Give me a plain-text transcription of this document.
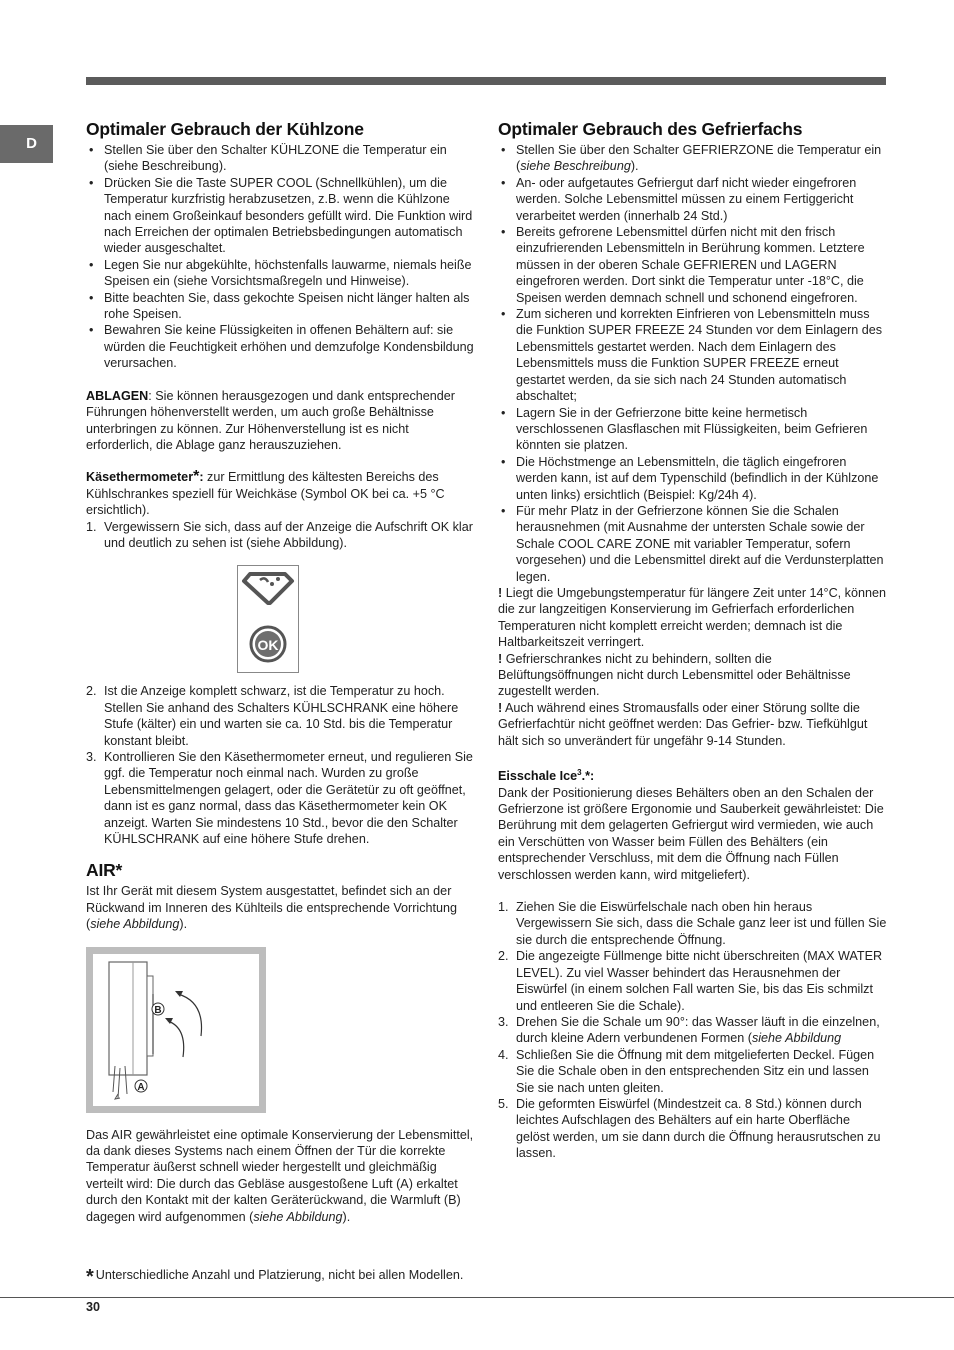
D
Optimaler Gebrauch der Kühlzone
• Stellen Sie über den Schalter KÜHLZONE die Temperatur ein (siehe Beschreibung).
• Drücken Sie die Taste SUPER COOL (Schnellkühlen), um die Temperatur kurzfristig herabzusetzen, z.B. wenn die Kühlzone nach einem Großeinkauf besonders gefüllt wird. Die Funktion wird nach Erreichen der optimalen Betriebsbedingungen automatisch wieder ausgeschaltet.
• Legen Sie nur abgekühlte, höchstenfalls lauwarme, niemals heiße Speisen ein (siehe Vorsichtsmaßregeln und Hinweise).
• Bitte beachten Sie, dass gekochte Speisen nicht länger halten als rohe Speisen.
• Bewahren Sie keine Flüssigkeiten in offenen Behältern auf: sie würden die Feuchtigkeit erhöhen und demzufolge Kondensbildung verursachen.

ABLAGEN: Sie können herausgezogen und dank entsprechender Führungen höhenverstellt werden, um auch große Behältnisse unterbringen zu können. Zur Höhenverstellung ist es nicht erforderlich, die Ablage ganz herauszuziehen.

Käsethermometer*: zur Ermittlung des kältesten Bereichs des Kühlschrankes speziell für Weichkäse (Symbol OK bei ca. +5 °C ersichtlich).

1. Vergewissern Sie sich, dass auf der Anzeige die Aufschrift OK klar und deutlich zu sehen ist (siehe Abbildung).
OK
2. Ist die Anzeige komplett schwarz, ist die Temperatur zu hoch. Stellen Sie anhand des Schalters KÜHLSCHRANK eine höhere Stufe (kälter) ein und warten sie ca. 10 Std. bis die Temperatur konstant bleibt.
3. Kontrollieren Sie den Käsethermometer erneut, und regulieren Sie ggf. die Temperatur noch einmal nach. Wurden zu große Lebensmittelmengen gelagert, oder die Gerätetür zu oft geöffnet, dann ist es ganz normal, dass das Käsethermometer kein OK anzeigt. Warten Sie mindestens 10 Std., bevor die den Schalter KÜHLSCHRANK auf eine höhere Stufe drehen.
AIR*

Ist Ihr Gerät mit diesem System ausgestattet, befindet sich an der Rückwand im Inneren des Kühlteils die entsprechende Vorrichtung (siehe Abbildung).

B
A

Das AIR gewährleistet eine optimale Konservierung der Lebensmittel, da dank dieses Systems nach einem Öffnen der Tür die korrekte Temperatur äußerst schnell wieder hergestellt und gleichmäßig verteilt wird: Die durch das Gebläse ausgestoßene Luft (A) erkaltet durch den Kontakt mit der kalten Geräterückwand, die Warmluft (B) dagegen wird aufgenommen (siehe Abbildung).

Optimaler Gebrauch des Gefrierfachs
• Stellen Sie über den Schalter GEFRIERZONE die Temperatur ein (siehe Beschreibung).
• An- oder aufgetautes Gefriergut darf nicht wieder eingefroren werden. Solche Lebensmittel müssen zu einem Fertiggericht verarbeitet werden (innerhalb 24 Std.)
• Bereits gefrorene Lebensmittel dürfen nicht mit den frisch einzufrierenden Lebensmitteln in Berührung kommen. Letztere müssen in der oberen Schale GEFRIEREN und LAGERN eingefroren werden. Dort sinkt die Temperatur unter -18°C, die Speisen werden demnach schnell und schonend eingefroren.
• Zum sicheren und korrekten Einfrieren von Lebensmitteln muss die Funktion SUPER FREEZE 24 Stunden vor dem Einlagern des Lebensmittels gestartet werden. Nach dem Einlagern des Lebensmittels muss die Funktion SUPER FREEZE erneut gestartet werden, da sie sich nach 24 Stunden automatisch abschaltet;
• Lagern Sie in der Gefrierzone bitte keine hermetisch verschlossenen Glasflaschen mit Flüssigkeiten, beim Gefrieren könnten sie platzen.
• Die Höchstmenge an Lebensmitteln, die täglich eingefroren werden kann, ist auf dem Typenschild (befindlich in der Kühlzone unten links) ersichtlich (Beispiel: Kg/24h 4).
• Für mehr Platz in der Gefrierzone können Sie die Schalen herausnehmen (mit Ausnahme der untersten Schale sowie der Schale COOL CARE ZONE mit variabler Temperatur, sofern vorgesehen) und die Lebensmittel direkt auf die Verdunsterplatten legen.

! Liegt die Umgebungstemperatur für längere Zeit unter 14°C, können die zur langzeitigen Konservierung im Gefrierfach erforderlichen Temperaturen nicht komplett erreicht werden; demnach ist die Haltbarkeitszeit verringert.

! Gefrierschrankes nicht zu behindern, sollten die Belüftungsöffnungen nicht durch Lebensmittel oder Behältnisse zugestellt werden.

! Auch während eines Stromausfalls oder einer Störung sollte die Gefrierfachtür nicht geöffnet werden: Das Gefrier- bzw. Tiefkühlgut hält sich so unverändert für ungefähr 9-14 Stunden.

Eisschale Ice$^3$.*:

Dank der Positionierung dieses Behälters oben an den Schalen der Gefrierzone ist größere Ergonomie und Sauberkeit gewährleistet: Die Berührung mit dem gelagerten Gefriergut wird vermieden, wie auch ein Verschütten von Wasser beim Füllen des Behälters (ein entsprechender Verschluss, mit dem die Öffnung nach Füllen verschlossen werden kann, wird mitgeliefert).

1. Ziehen Sie die Eiswürfelschale nach oben hin heraus Vergewissern Sie sich, dass die Schale ganz leer ist und füllen Sie sie durch die entsprechende Öffnung.
2. Die angezeigte Füllmenge bitte nicht überschreiten (MAX WATER LEVEL). Zu viel Wasser behindert das Herausnehmen der Eiswürfel (in einem solchen Fall warten Sie, bis das Eis schmilzt und entleeren Sie die Schale).
3. Drehen Sie die Schale um 90°: das Wasser läuft in die einzelnen, durch kleine Adern verbundenen Formen (siehe Abbildung
4. Schließen Sie die Öffnung mit dem mitgelieferten Deckel. Fügen Sie die Schale oben in den entsprechenden Sitz ein und lassen Sie sie nach unten gleiten.
5. Die geformten Eiswürfel (Mindestzeit ca. 8 Std.) können durch leichtes Aufschlagen des Behälters auf ein harte Oberfläche gelöst werden, um sie dann durch die Öffnung herausrutschen zu lassen.
* Unterschiedliche Anzahl und Platzierung, nicht bei allen Modellen.
30
